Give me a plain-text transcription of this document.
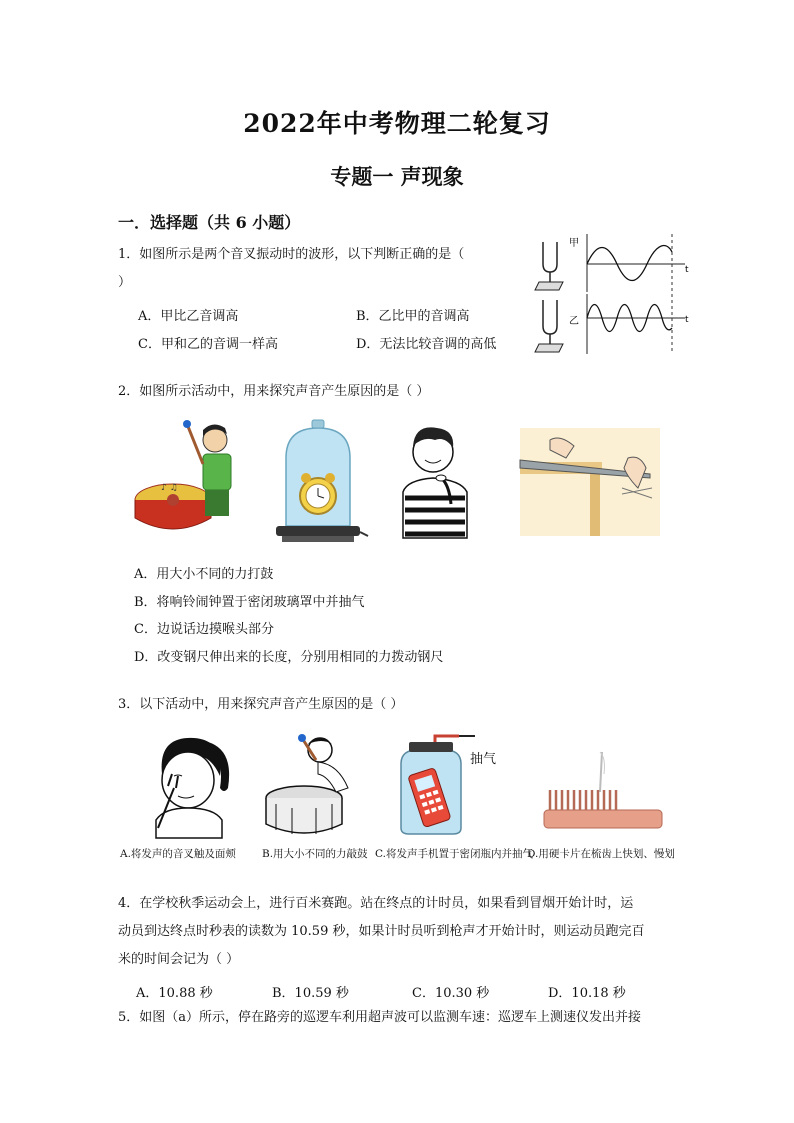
2022年中考物理二轮复习
专题一 声现象
一．选择题（共 6 小题）
1．如图所示是两个音叉振动时的波形，以下判断正确的是（
）
A．甲比乙音调高	B．乙比甲的音调高
C．甲和乙的音调一样高	D．无法比较音调的高低
甲
乙
t
t
2．如图所示活动中，用来探究声音产生原因的是（ ）
♪ ♫
A．用大小不同的力打鼓
B．将响铃闹钟置于密闭玻璃罩中并抽气
C．边说话边摸喉头部分
D．改变钢尺伸出来的长度，分别用相同的力拨动钢尺
3．以下活动中，用来探究声音产生原因的是（ ）
抽气
A.将发声的音叉触及面颊 B.用大小不同的力敲鼓 C.将发声手机置于密闭瓶内并抽气
D.用硬卡片在梳齿上快划、慢划
4．在学校秋季运动会上，进行百米赛跑。站在终点的计时员，如果看到冒烟开始计时，运
动员到达终点时秒表的读数为 10.59 秒，如果计时员听到枪声才开始计时，则运动员跑完百
米的时间会记为（ ）
A．10.88 秒	B．10.59 秒	C．10.30 秒	D．10.18 秒
5．如图（a）所示，停在路旁的巡逻车利用超声波可以监测车速：巡逻车上测速仪发出并接
